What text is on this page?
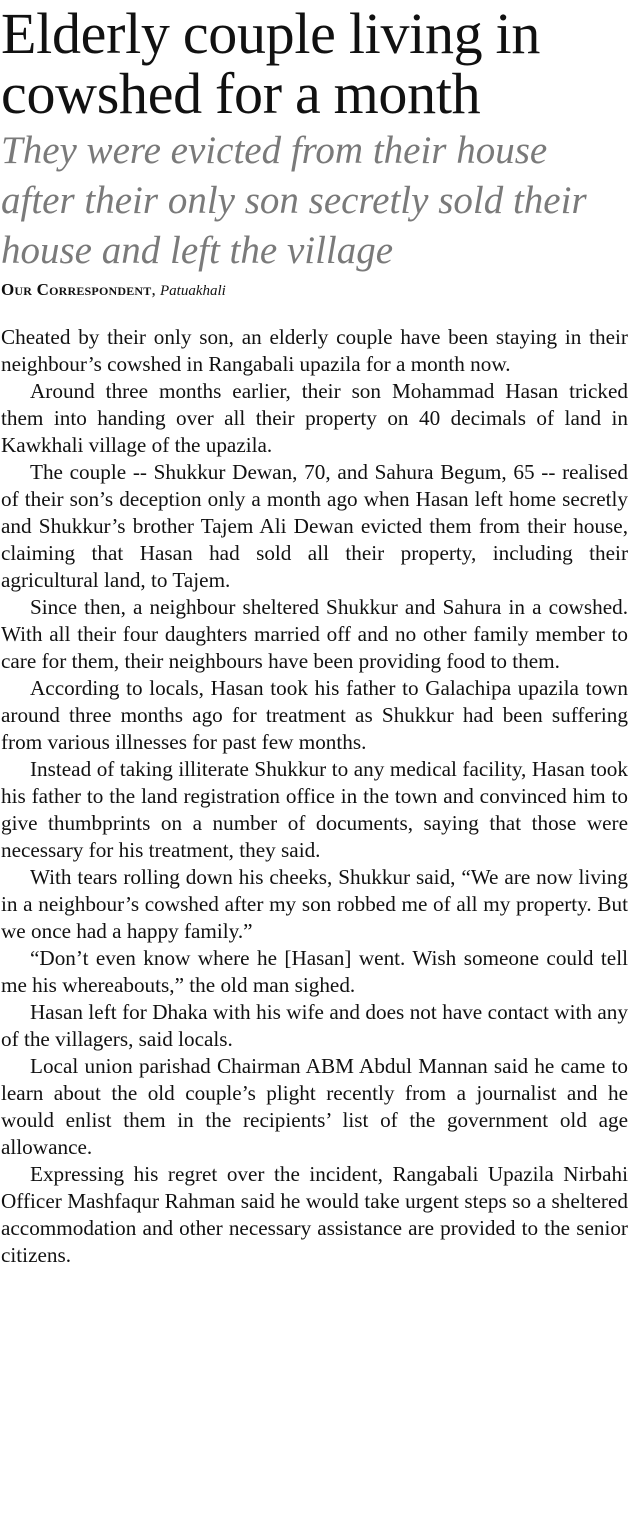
Elderly couple living in cowshed for a month
They were evicted from their house after their only son secretly sold their house and left the village
Our Correspondent, Patuakhali

Cheated by their only son, an elderly couple have been staying in their neighbour’s cowshed in Rangabali upazila for a month now.

Around three months earlier, their son Mohammad Hasan tricked them into handing over all their property on 40 decimals of land in Kawkhali village of the upazila.

The couple -- Shukkur Dewan, 70, and Sahura Begum, 65 -- realised of their son’s deception only a month ago when Hasan left home secretly and Shukkur’s brother Tajem Ali Dewan evicted them from their house, claiming that Hasan had sold all their property, including their agricultural land, to Tajem.

Since then, a neighbour sheltered Shukkur and Sahura in a cowshed. With all their four daughters married off and no other family member to care for them, their neighbours have been providing food to them.

According to locals, Hasan took his father to Galachipa upazila town around three months ago for treatment as Shukkur had been suffering from various illnesses for past few months.

Instead of taking illiterate Shukkur to any medical facility, Hasan took his father to the land registration office in the town and convinced him to give thumbprints on a number of documents, saying that those were necessary for his treatment, they said.

With tears rolling down his cheeks, Shukkur said, “We are now living in a neighbour’s cowshed after my son robbed me of all my property. But we once had a happy family.”

“Don’t even know where he [Hasan] went. Wish someone could tell me his whereabouts,” the old man sighed.

Hasan left for Dhaka with his wife and does not have contact with any of the villagers, said locals.

Local union parishad Chairman ABM Abdul Mannan said he came to learn about the old couple’s plight recently from a journalist and he would enlist them in the recipients’ list of the government old age allowance.

Expressing his regret over the incident, Rangabali Upazila Nirbahi Officer Mashfaqur Rahman said he would take urgent steps so a sheltered accommodation and other necessary assistance are provided to the senior citizens.
